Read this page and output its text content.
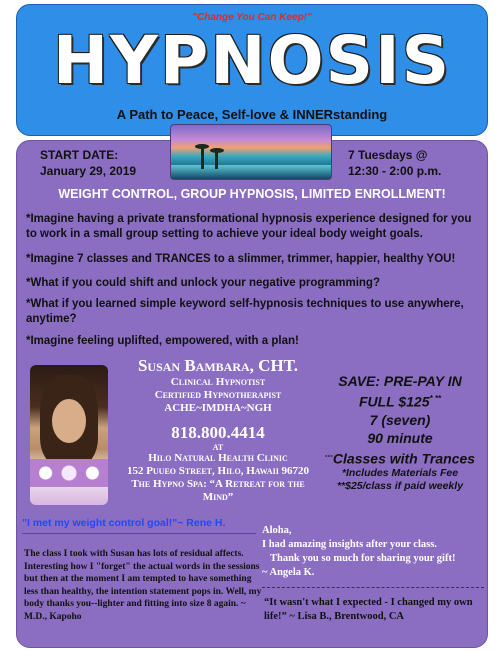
"Change You Can Keep!"
HYPNOSIS
A Path to Peace, Self-love & INNERstanding
START DATE:
January 29, 2019
7 Tuesdays @
12:30 - 2:00 p.m.
WEIGHT CONTROL, GROUP HYPNOSIS, LIMITED ENROLLMENT!
*Imagine having a private transformational hypnosis experience designed for you to work in a small group setting to achieve your ideal body weight goals.
*Imagine 7 classes and TRANCES to a slimmer, trimmer, happier, healthy YOU!
*What if you could shift and unlock your negative programming?
*What if you learned simple keyword self-hypnosis techniques to use anywhere, anytime?
*Imagine feeling uplifted, empowered, with a plan!
Susan Bambara, CHT.
Clinical Hypnotist
Certified Hypnotherapist
ACHE~IMDHA~NGH
818.800.4414
AT
Hilo Natural Health Clinic
152 Puueo Street, Hilo, Hawaii 96720
The Hypno Spa: “A Retreat for the Mind”
SAVE: PRE-PAY IN
FULL $125* **
7 (seven)
90 minute
---Classes with Trances
*Includes Materials Fee
**$25/class if paid weekly
"I met my weight control goal!"~ Rene H.
The class I took with Susan has lots of residual affects. Interesting how I "forget" the actual words in the sessions but then at the moment I am tempted to have something less than healthy, the intention statement pops in. Well, my body thanks you--lighter and fitting into size 8 again. ~ M.D., Kapoho
Aloha,
I had amazing insights after your class.
Thank you so much for sharing your gift!
~ Angela K.
“It wasn't what I expected - I changed my own life!” ~ Lisa B., Brentwood, CA
